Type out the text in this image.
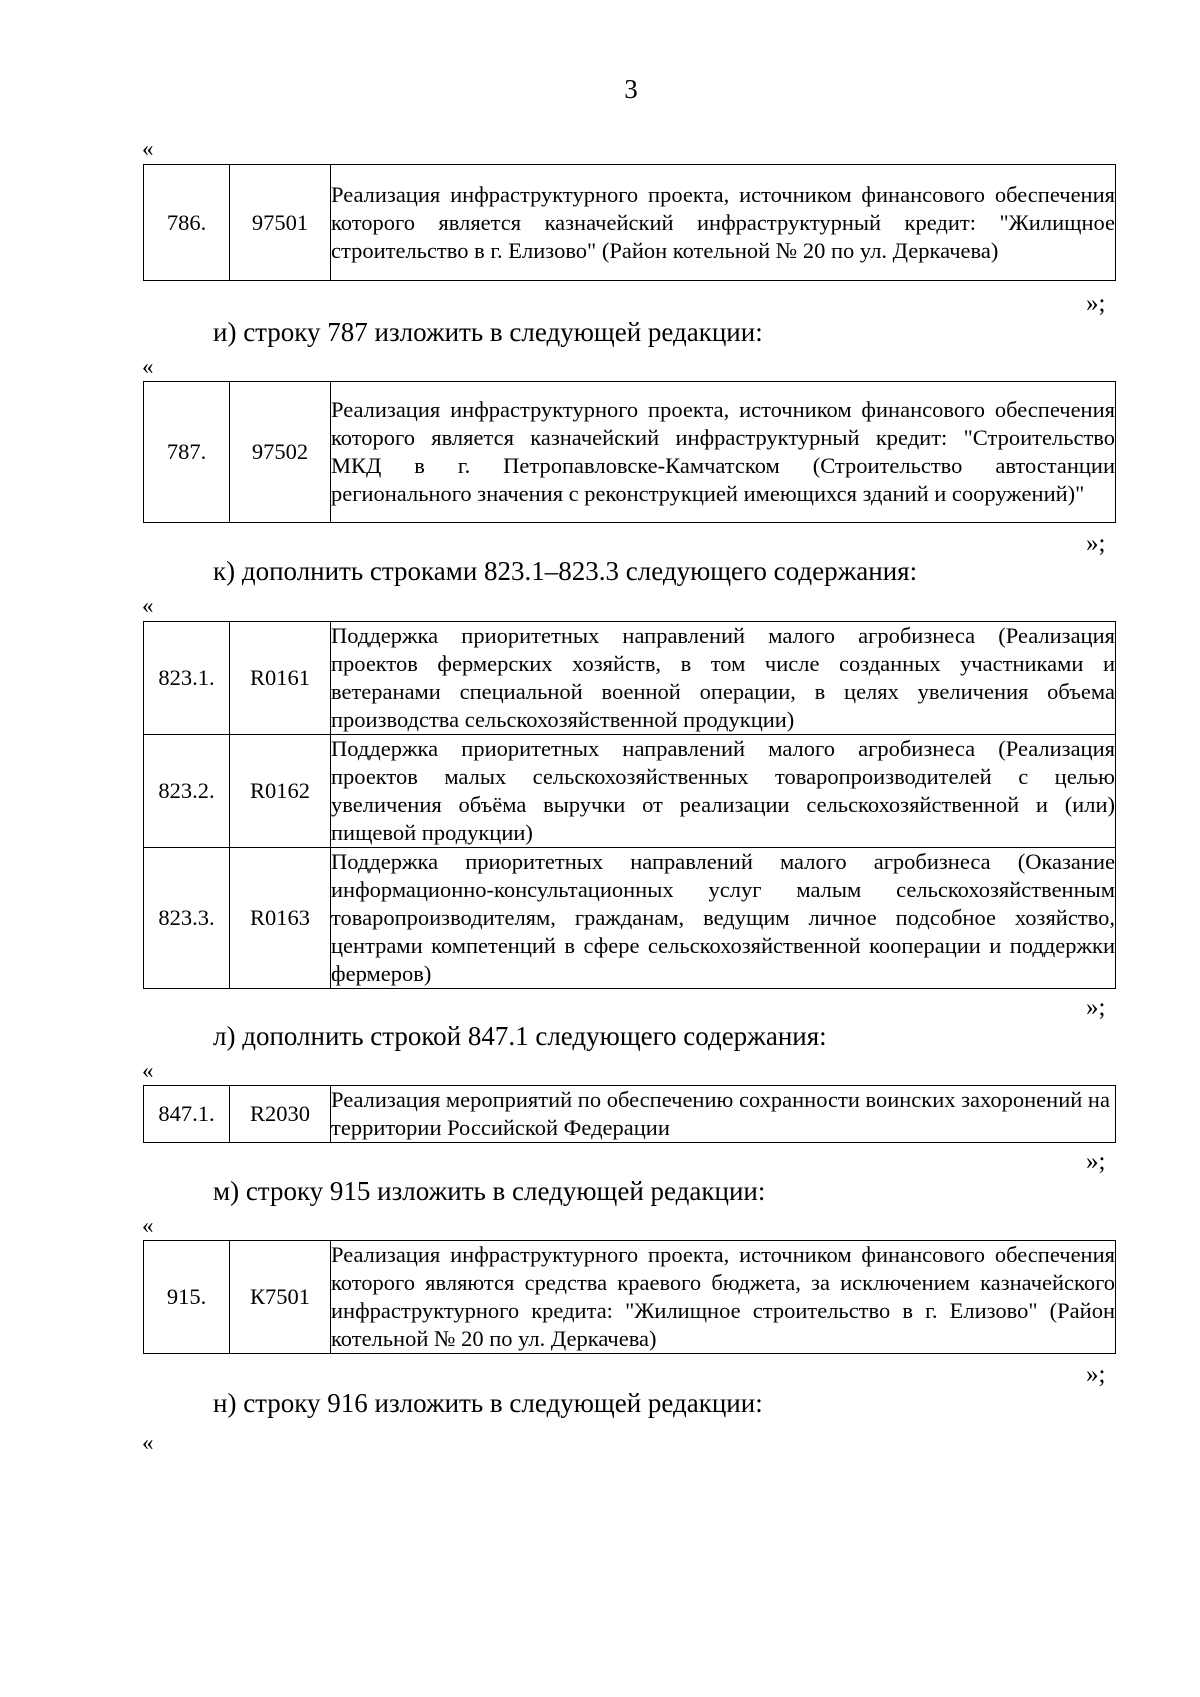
3
«
786.	97501	Реализация инфраструктурного проекта, источником финансового обеспечения которого является казначейский инфраструктурный кредит: "Жилищное строительство в г. Елизово" (Район котельной № 20 по ул. Деркачева)
»;
и) строку 787 изложить в следующей редакции:
«
787.	97502	Реализация инфраструктурного проекта, источником финансового обеспечения которого является казначейский инфраструктурный кредит: "Строительство МКД в г. Петропавловске-Камчатском (Строительство автостанции регионального значения с реконструкцией имеющихся зданий и сооружений)"
»;
к) дополнить строками 823.1–823.3 следующего содержания:
«
823.1.	R0161	Поддержка приоритетных направлений малого агробизнеса (Реализация проектов фермерских хозяйств, в том числе созданных участниками и ветеранами специальной военной операции, в целях увеличения объема производства сельскохозяйственной продукции)
823.2.	R0162	Поддержка приоритетных направлений малого агробизнеса (Реализация проектов малых сельскохозяйственных товаропроизводителей с целью увеличения объёма выручки от реализации сельскохозяйственной и (или) пищевой продукции)
823.3.	R0163	Поддержка приоритетных направлений малого агробизнеса (Оказание информационно-консультационных услуг малым сельскохозяйственным товаропроизводителям, гражданам, ведущим личное подсобное хозяйство, центрами компетенций в сфере сельскохозяйственной кооперации и поддержки фермеров)
»;
л) дополнить строкой 847.1 следующего содержания:
«
847.1.	R2030	Реализация мероприятий по обеспечению сохранности воинских захоронений на территории Российской Федерации
»;
м) строку 915 изложить в следующей редакции:
«
915.	К7501	Реализация инфраструктурного проекта, источником финансового обеспечения которого являются средства краевого бюджета, за исключением казначейского инфраструктурного кредита: "Жилищное строительство в г. Елизово" (Район котельной № 20 по ул. Деркачева)
»;
н) строку 916 изложить в следующей редакции:
«
